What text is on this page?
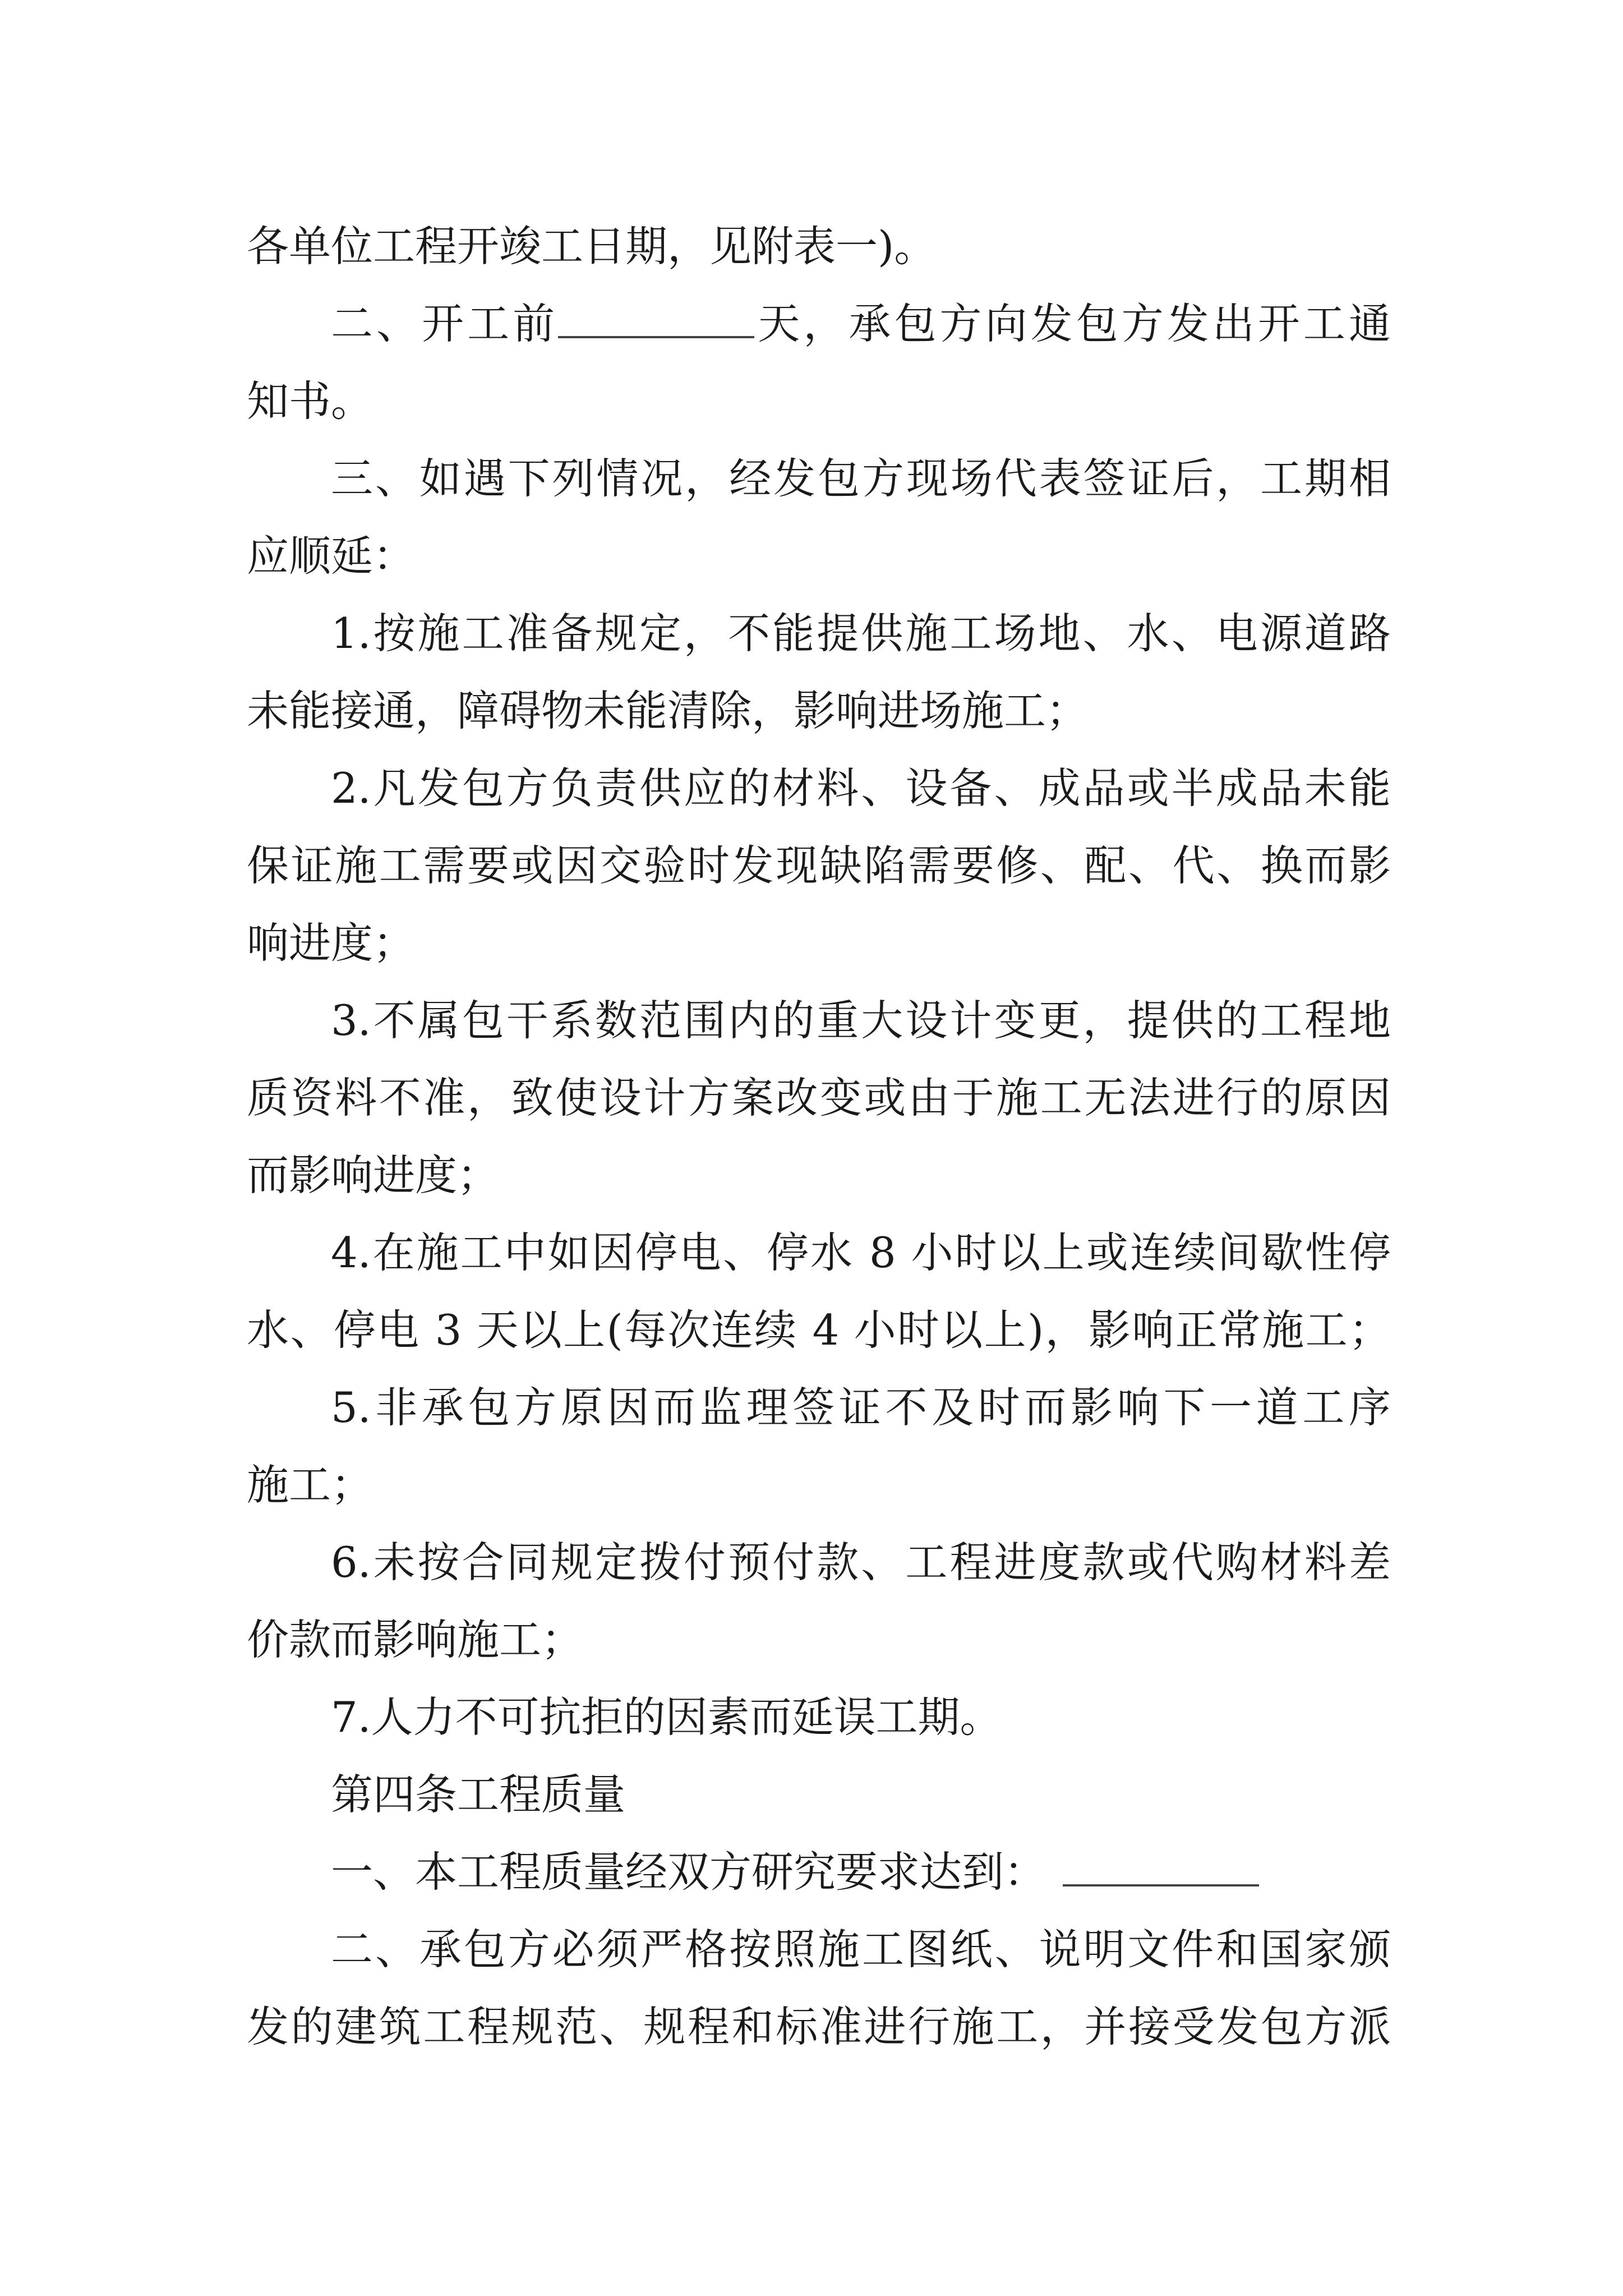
各单位工程开竣工日期，见附表一)。
二、开工前	天，承包方向发包方发出开工通
知书。
三、如遇下列情况，经发包方现场代表签证后，工期相
应顺延：
1.按施工准备规定，不能提供施工场地、水、电源道路
未能接通，障碍物未能清除，影响进场施工；
2.凡发包方负责供应的材料、设备、成品或半成品未能
保证施工需要或因交验时发现缺陷需要修、配、代、换而影
响进度；
3.不属包干系数范围内的重大设计变更，提供的工程地
质资料不准，致使设计方案改变或由于施工无法进行的原因
而影响进度；
4.在施工中如因停电、停水 8 小时以上或连续间歇性停
水、停电 3 天以上(每次连续 4 小时以上)，影响正常施工；
5.非承包方原因而监理签证不及时而影响下一道工序
施工；
6.未按合同规定拨付预付款、工程进度款或代购材料差
价款而影响施工；
7.人力不可抗拒的因素而延误工期。
第四条工程质量
一、本工程质量经双方研究要求达到：
二、承包方必须严格按照施工图纸、说明文件和国家颁
发的建筑工程规范、规程和标准进行施工，并接受发包方派
